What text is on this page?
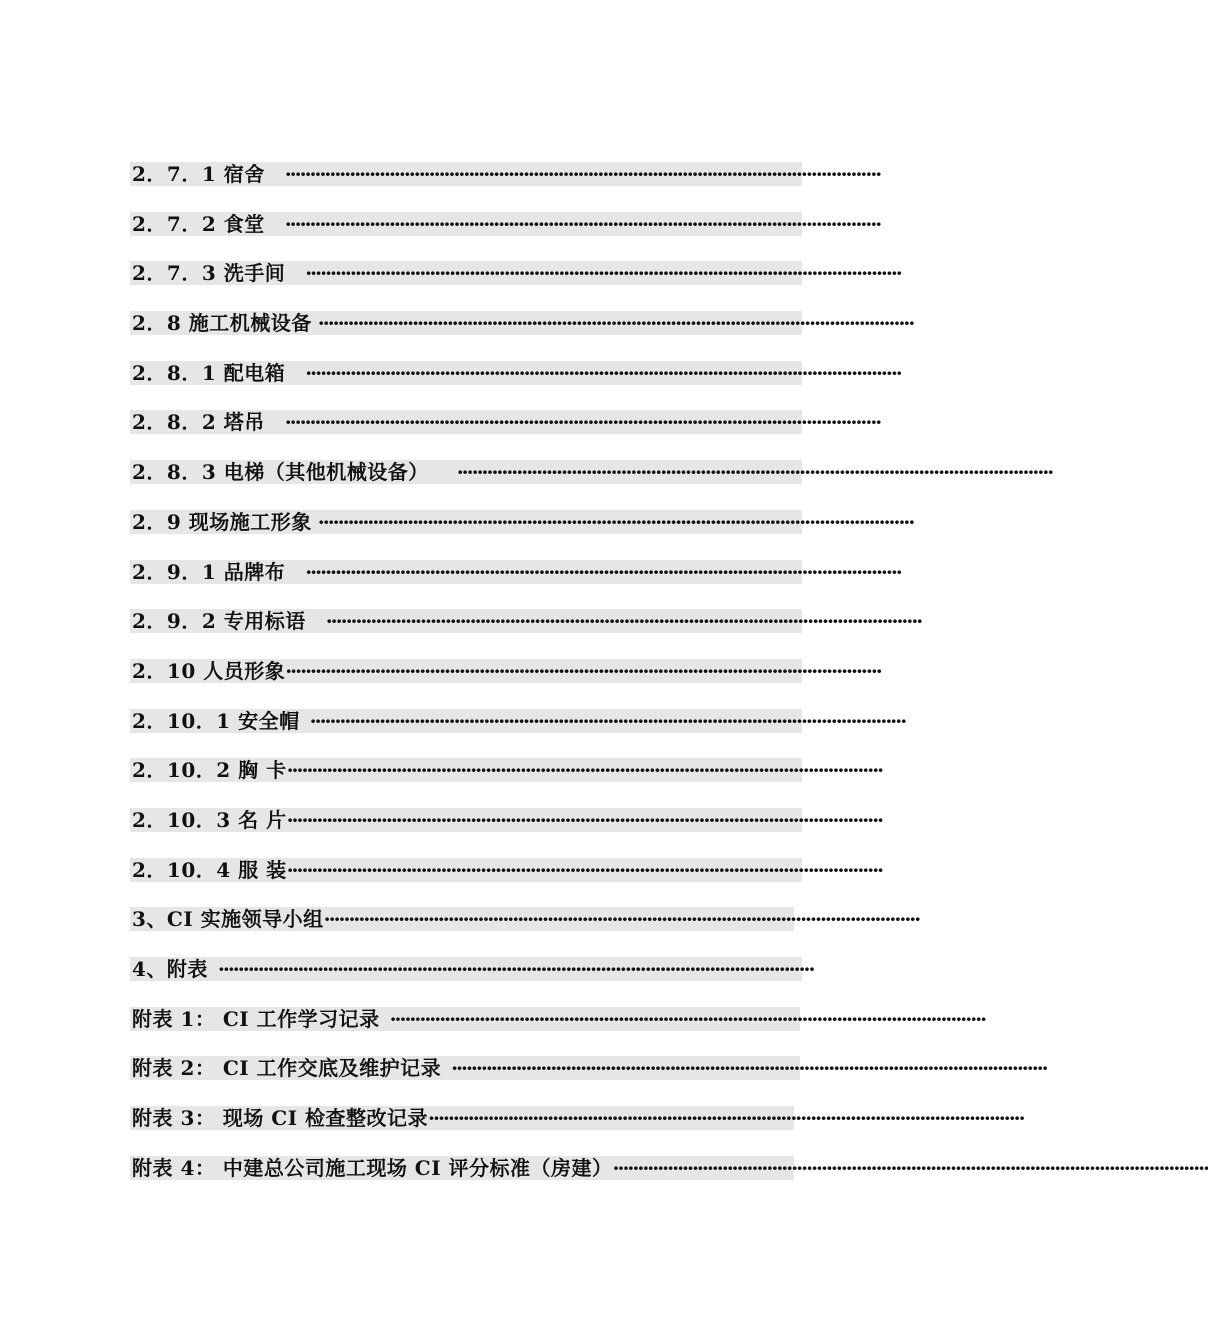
2．7．1 宿舍 ························································································································
2．7．2 食堂 ························································································································
2．7．3 洗手间 ························································································································
2．8 施工机械设备 ························································································································
2．8．1 配电箱 ························································································································
2．8．2 塔吊 ························································································································
2．8．3 电梯（其他机械设备） ························································································································
2．9 现场施工形象 ························································································································
2．9．1 品牌布 ························································································································
2．9．2 专用标语 ························································································································
2．10 人员形象 ························································································································
2．10．1 安全帽 ························································································································
2．10．2 胸 卡 ························································································································
2．10．3 名 片 ························································································································
2．10．4 服 装 ························································································································
3、CI 实施领导小组 ························································································································
4、附表 ························································································································
附表 1： CI 工作学习记录 ························································································································
附表 2： CI 工作交底及维护记录 ························································································································
附表 3： 现场 CI 检查整改记录 ························································································································
附表 4： 中建总公司施工现场 CI 评分标准（房建） ························································································································
